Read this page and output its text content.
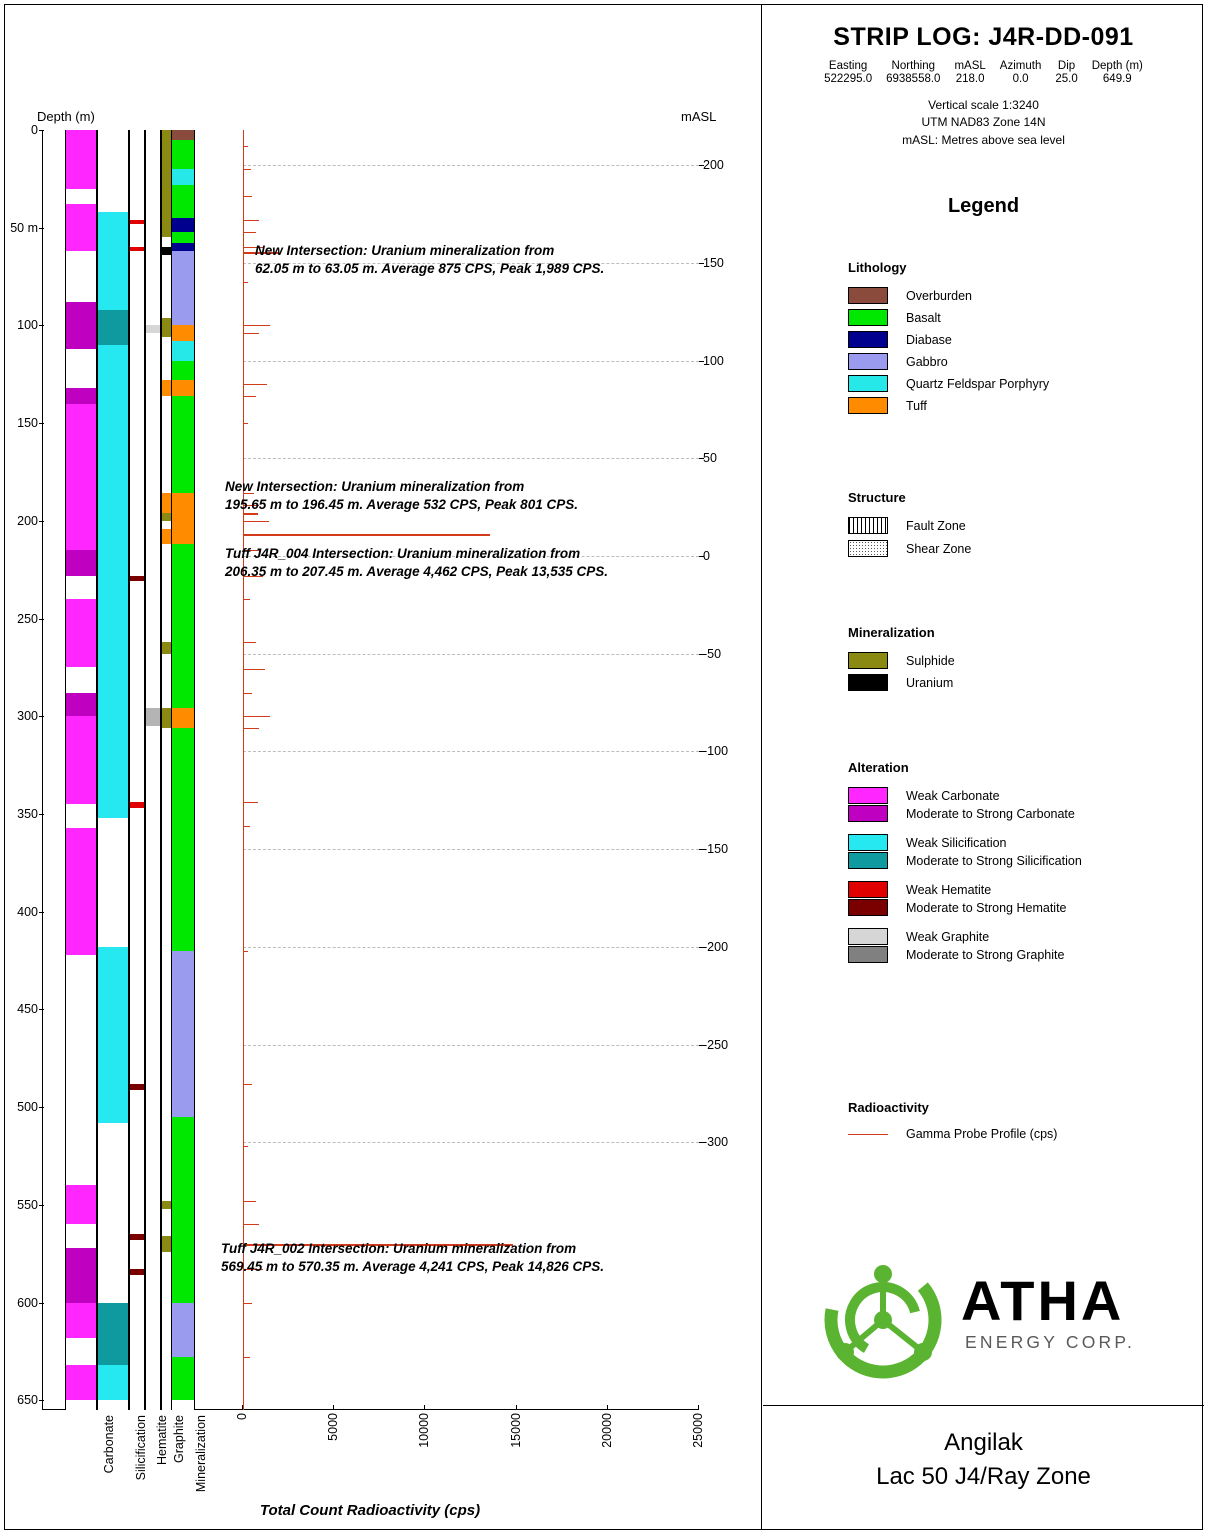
Depth (m)	mASL
0
50 m
100
150
200
250
300
350
400
450
500
550
600
650
200
150
100
50
0
-50
-100
-150
-200
-250
-300
New Intersection: Uranium mineralization from
62.05 m to 63.05 m. Average 875 CPS, Peak 1,989 CPS.
New Intersection: Uranium mineralization from
195.65 m to 196.45 m. Average 532 CPS, Peak 801 CPS.
Tuff J4R_004 Intersection: Uranium mineralization from
206.35 m to 207.45 m. Average 4,462 CPS, Peak 13,535 CPS.
Tuff J4R_002 Intersection: Uranium mineralization from
569.45 m to 570.35 m. Average 4,241 CPS, Peak 14,826 CPS.
Carbonate Silicification Hematite Graphite Mineralization 0	5000	10000	15000	20000	25000
Total Count Radioactivity (cps)
STRIP LOG: J4R-DD-091
Easting	Northing	mASL	Azimuth	Dip	Depth (m)
522295.0	6938558.0	218.0	0.0	25.0	649.9
Vertical scale 1:3240
UTM NAD83 Zone 14N
mASL: Metres above sea level
Legend
Lithology
Overburden
Basalt
Diabase
Gabbro
Quartz Feldspar Porphyry
Tuff
Structure
Fault Zone
Shear Zone
Mineralization
Sulphide
Uranium
Alteration
Weak Carbonate
Moderate to Strong Carbonate
Weak Silicification
Moderate to Strong Silicification
Weak Hematite
Moderate to Strong Hematite
Weak Graphite
Moderate to Strong Graphite
Radioactivity
Gamma Probe Profile (cps)
ATHA
ENERGY CORP.
Angilak
Lac 50 J4/Ray Zone
